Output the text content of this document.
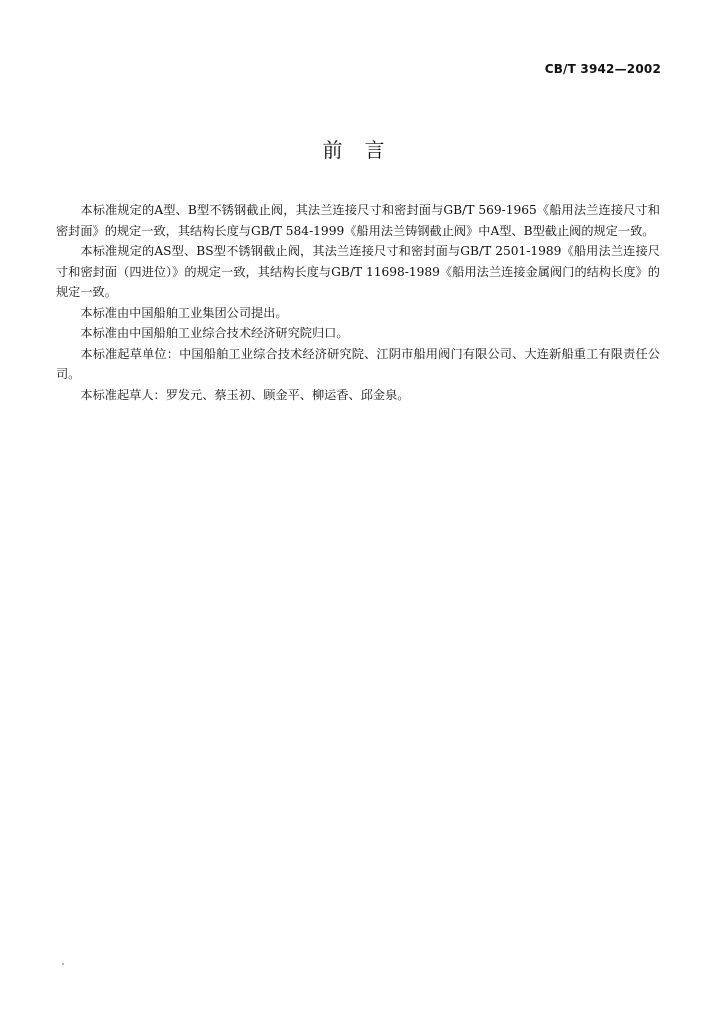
CB/T 3942—2002
前言

本标准规定的A型、B型不锈钢截止阀，其法兰连接尺寸和密封面与GB/T 569-1965《船用法兰连接尺寸和密封面》的规定一致，其结构长度与GB/T 584-1999《船用法兰铸钢截止阀》中A型、B型截止阀的规定一致。

本标准规定的AS型、BS型不锈钢截止阀，其法兰连接尺寸和密封面与GB/T 2501-1989《船用法兰连接尺寸和密封面（四进位）》的规定一致，其结构长度与GB/T 11698-1989《船用法兰连接金属阀门的结构长度》的规定一致。

本标准由中国船舶工业集团公司提出。

本标准由中国船舶工业综合技术经济研究院归口。

本标准起草单位：中国船舶工业综合技术经济研究院、江阴市船用阀门有限公司、大连新船重工有限责任公司。

本标准起草人：罗发元、蔡玉初、顾金平、柳运香、邱金泉。
